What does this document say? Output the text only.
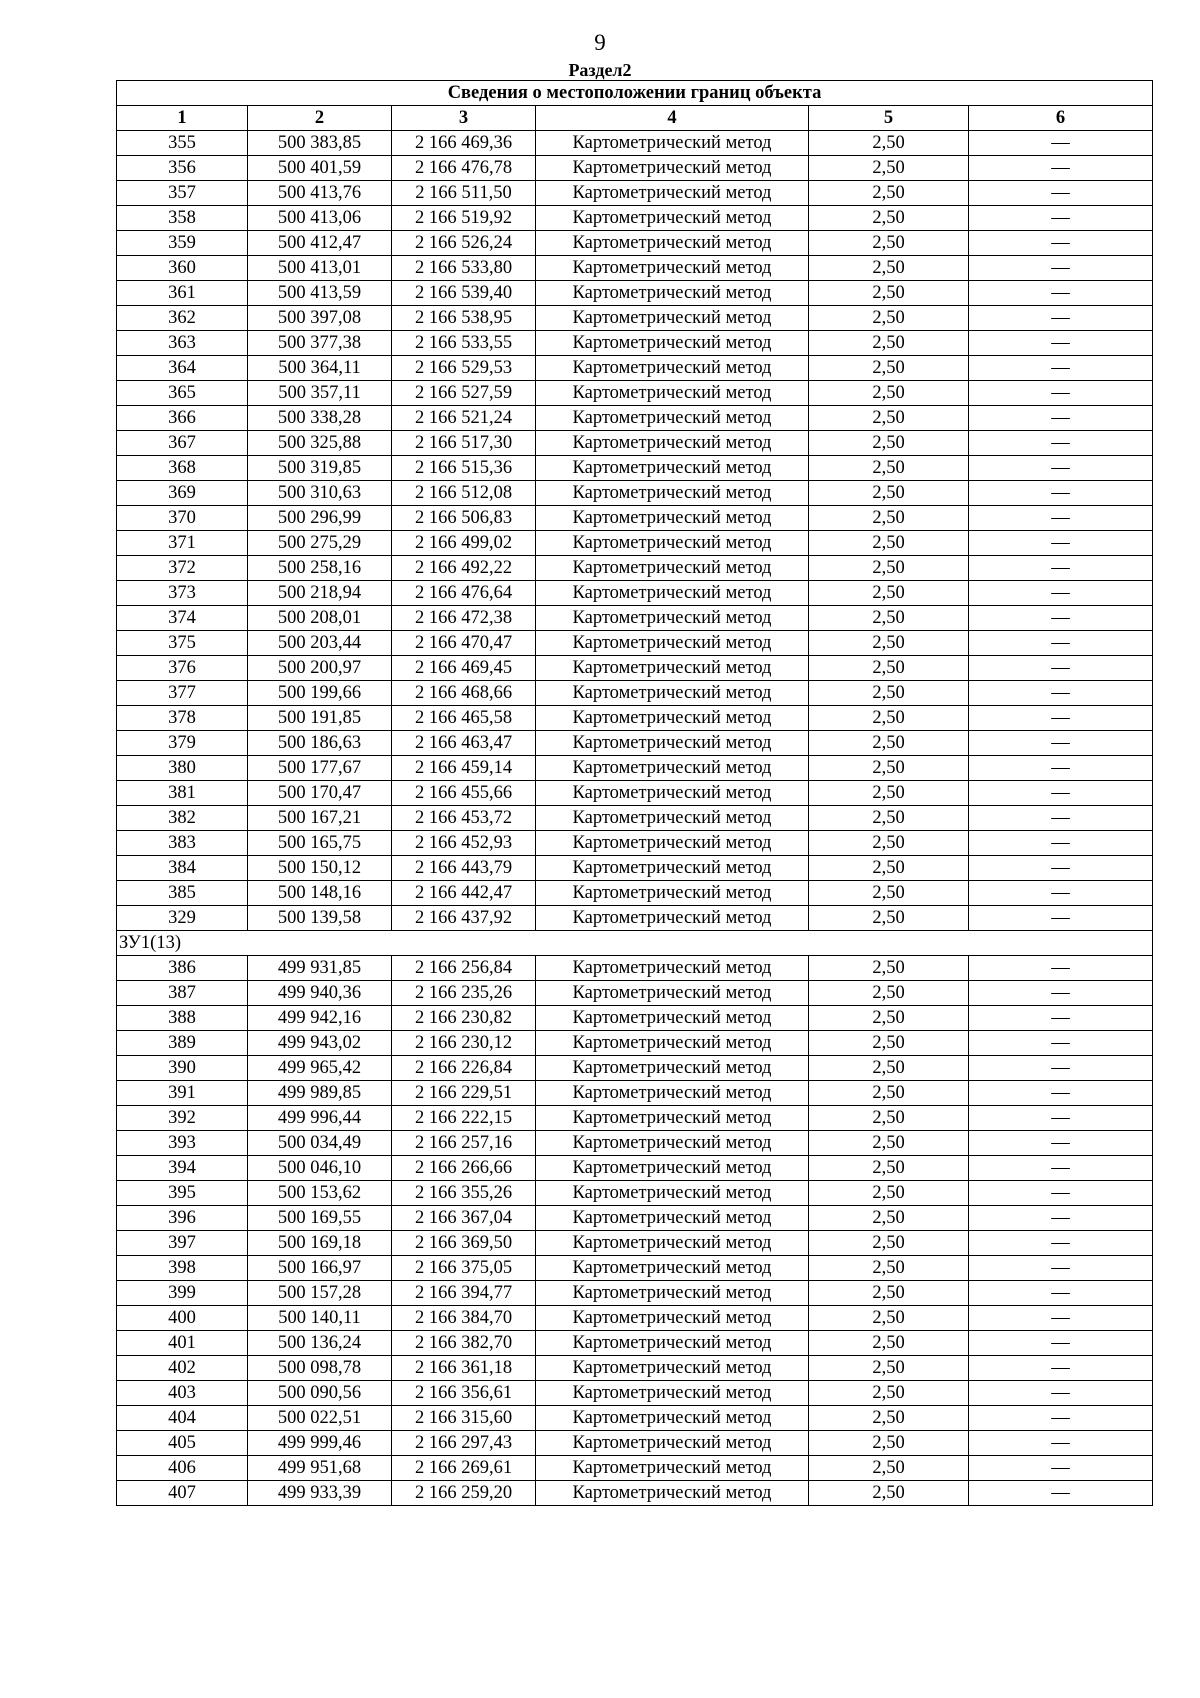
9
Раздел2
Сведения о местоположении границ объекта					
1	2	3	4	5	6
355	500 383,85	2 166 469,36	Картометрический метод	2,50	—
356	500 401,59	2 166 476,78	Картометрический метод	2,50	—
357	500 413,76	2 166 511,50	Картометрический метод	2,50	—
358	500 413,06	2 166 519,92	Картометрический метод	2,50	—
359	500 412,47	2 166 526,24	Картометрический метод	2,50	—
360	500 413,01	2 166 533,80	Картометрический метод	2,50	—
361	500 413,59	2 166 539,40	Картометрический метод	2,50	—
362	500 397,08	2 166 538,95	Картометрический метод	2,50	—
363	500 377,38	2 166 533,55	Картометрический метод	2,50	—
364	500 364,11	2 166 529,53	Картометрический метод	2,50	—
365	500 357,11	2 166 527,59	Картометрический метод	2,50	—
366	500 338,28	2 166 521,24	Картометрический метод	2,50	—
367	500 325,88	2 166 517,30	Картометрический метод	2,50	—
368	500 319,85	2 166 515,36	Картометрический метод	2,50	—
369	500 310,63	2 166 512,08	Картометрический метод	2,50	—
370	500 296,99	2 166 506,83	Картометрический метод	2,50	—
371	500 275,29	2 166 499,02	Картометрический метод	2,50	—
372	500 258,16	2 166 492,22	Картометрический метод	2,50	—
373	500 218,94	2 166 476,64	Картометрический метод	2,50	—
374	500 208,01	2 166 472,38	Картометрический метод	2,50	—
375	500 203,44	2 166 470,47	Картометрический метод	2,50	—
376	500 200,97	2 166 469,45	Картометрический метод	2,50	—
377	500 199,66	2 166 468,66	Картометрический метод	2,50	—
378	500 191,85	2 166 465,58	Картометрический метод	2,50	—
379	500 186,63	2 166 463,47	Картометрический метод	2,50	—
380	500 177,67	2 166 459,14	Картометрический метод	2,50	—
381	500 170,47	2 166 455,66	Картометрический метод	2,50	—
382	500 167,21	2 166 453,72	Картометрический метод	2,50	—
383	500 165,75	2 166 452,93	Картометрический метод	2,50	—
384	500 150,12	2 166 443,79	Картометрический метод	2,50	—
385	500 148,16	2 166 442,47	Картометрический метод	2,50	—
329	500 139,58	2 166 437,92	Картометрический метод	2,50	—
ЗУ1(13)					
386	499 931,85	2 166 256,84	Картометрический метод	2,50	—
387	499 940,36	2 166 235,26	Картометрический метод	2,50	—
388	499 942,16	2 166 230,82	Картометрический метод	2,50	—
389	499 943,02	2 166 230,12	Картометрический метод	2,50	—
390	499 965,42	2 166 226,84	Картометрический метод	2,50	—
391	499 989,85	2 166 229,51	Картометрический метод	2,50	—
392	499 996,44	2 166 222,15	Картометрический метод	2,50	—
393	500 034,49	2 166 257,16	Картометрический метод	2,50	—
394	500 046,10	2 166 266,66	Картометрический метод	2,50	—
395	500 153,62	2 166 355,26	Картометрический метод	2,50	—
396	500 169,55	2 166 367,04	Картометрический метод	2,50	—
397	500 169,18	2 166 369,50	Картометрический метод	2,50	—
398	500 166,97	2 166 375,05	Картометрический метод	2,50	—
399	500 157,28	2 166 394,77	Картометрический метод	2,50	—
400	500 140,11	2 166 384,70	Картометрический метод	2,50	—
401	500 136,24	2 166 382,70	Картометрический метод	2,50	—
402	500 098,78	2 166 361,18	Картометрический метод	2,50	—
403	500 090,56	2 166 356,61	Картометрический метод	2,50	—
404	500 022,51	2 166 315,60	Картометрический метод	2,50	—
405	499 999,46	2 166 297,43	Картометрический метод	2,50	—
406	499 951,68	2 166 269,61	Картометрический метод	2,50	—
407	499 933,39	2 166 259,20	Картометрический метод	2,50	—
